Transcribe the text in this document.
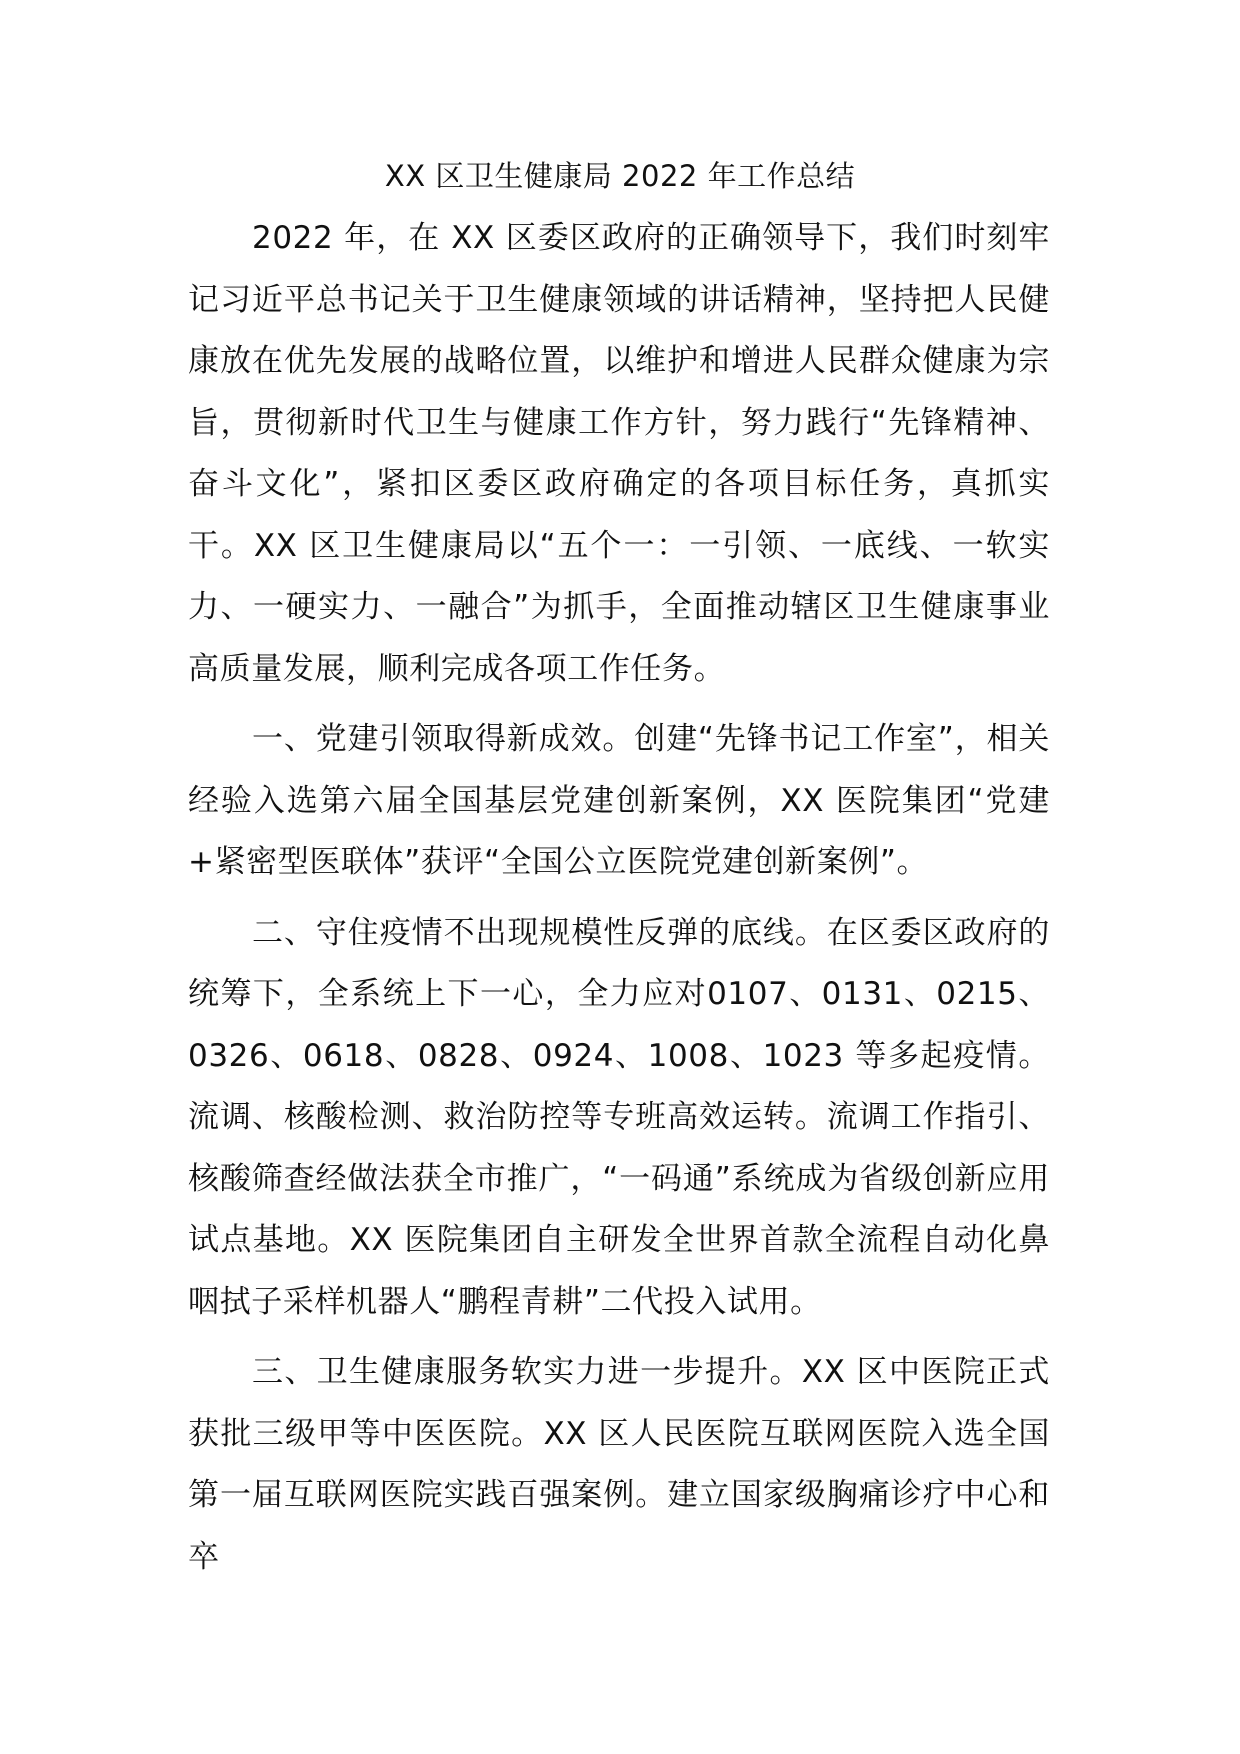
XX 区卫生健康局 2022 年工作总结

2022 年，在 XX 区委区政府的正确领导下，我们时刻牢记习近平总书记关于卫生健康领域的讲话精神，坚持把人民健康放在优先发展的战略位置，以维护和增进人民群众健康为宗旨，贯彻新时代卫生与健康工作方针，努力践行“先锋精神、奋斗文化”，紧扣区委区政府确定的各项目标任务，真抓实干。XX 区卫生健康局以“五个一：一引领、一底线、一软实力、一硬实力、一融合”为抓手，全面推动辖区卫生健康事业高质量发展，顺利完成各项工作任务。

一、党建引领取得新成效。创建“先锋书记工作室”，相关经验入选第六届全国基层党建创新案例，XX 医院集团“党建+紧密型医联体”获评“全国公立医院党建创新案例”。

二、守住疫情不出现规模性反弹的底线。在区委区政府的统筹下，全系统上下一心，全力应对0107、0131、0215、0326、0618、0828、0924、1008、1023 等多起疫情。流调、核酸检测、救治防控等专班高效运转。流调工作指引、核酸筛查经做法获全市推广，“一码通”系统成为省级创新应用试点基地。XX 医院集团自主研发全世界首款全流程自动化鼻咽拭子采样机器人“鹏程青耕”二代投入试用。

三、卫生健康服务软实力进一步提升。XX 区中医院正式获批三级甲等中医医院。XX 区人民医院互联网医院入选全国第一届互联网医院实践百强案例。建立国家级胸痛诊疗中心和卒
